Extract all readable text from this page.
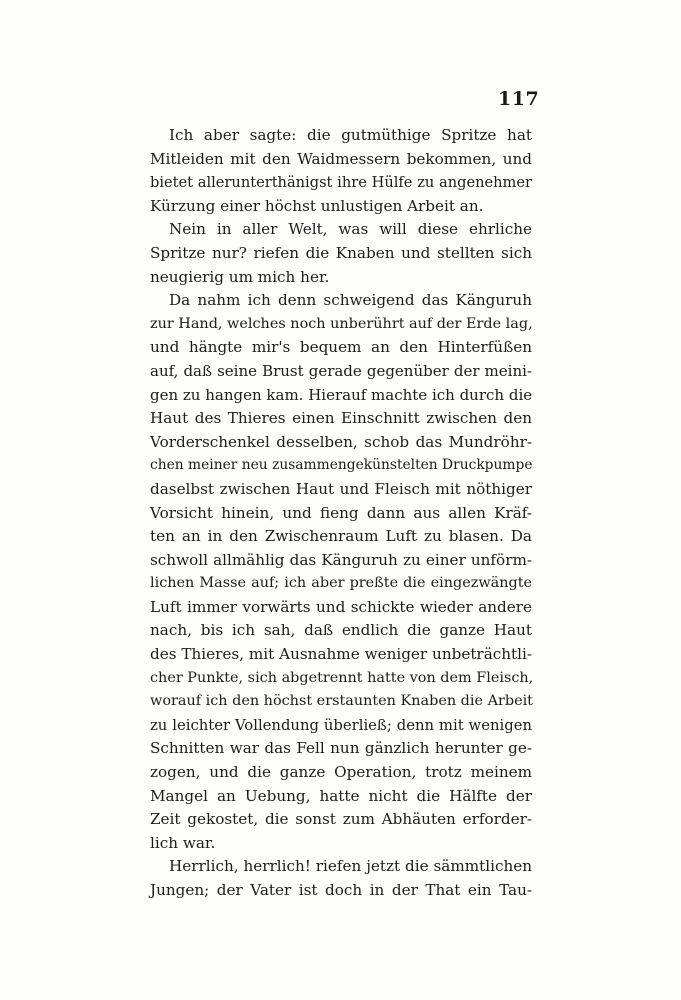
117
Ich aber sagte: die gutmüthige Spritze hat
Mitleiden mit den Waidmessern bekommen, und
bietet allerunterthänigst ihre Hülfe zu angenehmer
Kürzung einer höchst unlustigen Arbeit an.
Nein in aller Welt, was will diese ehrliche
Spritze nur? riefen die Knaben und stellten sich
neugierig um mich her.
Da nahm ich denn schweigend das Känguruh
zur Hand, welches noch unberührt auf der Erde lag,
und hängte mir's bequem an den Hinterfüßen
auf, daß seine Brust gerade gegenüber der meini-
gen zu hangen kam. Hierauf machte ich durch die
Haut des Thieres einen Einschnitt zwischen den
Vorderschenkel desselben, schob das Mundröhr-
chen meiner neu zusammengekünstelten Druckpumpe
daselbst zwischen Haut und Fleisch mit nöthiger
Vorsicht hinein, und fieng dann aus allen Kräf-
ten an in den Zwischenraum Luft zu blasen. Da
schwoll allmählig das Känguruh zu einer unförm-
lichen Masse auf; ich aber preßte die eingezwängte
Luft immer vorwärts und schickte wieder andere
nach, bis ich sah, daß endlich die ganze Haut
des Thieres, mit Ausnahme weniger unbeträchtli-
cher Punkte, sich abgetrennt hatte von dem Fleisch,
worauf ich den höchst erstaunten Knaben die Arbeit
zu leichter Vollendung überließ; denn mit wenigen
Schnitten war das Fell nun gänzlich herunter ge-
zogen, und die ganze Operation, trotz meinem
Mangel an Uebung, hatte nicht die Hälfte der
Zeit gekostet, die sonst zum Abhäuten erforder-
lich war.
Herrlich, herrlich! riefen jetzt die sämmtlichen
Jungen; der Vater ist doch in der That ein Tau-
